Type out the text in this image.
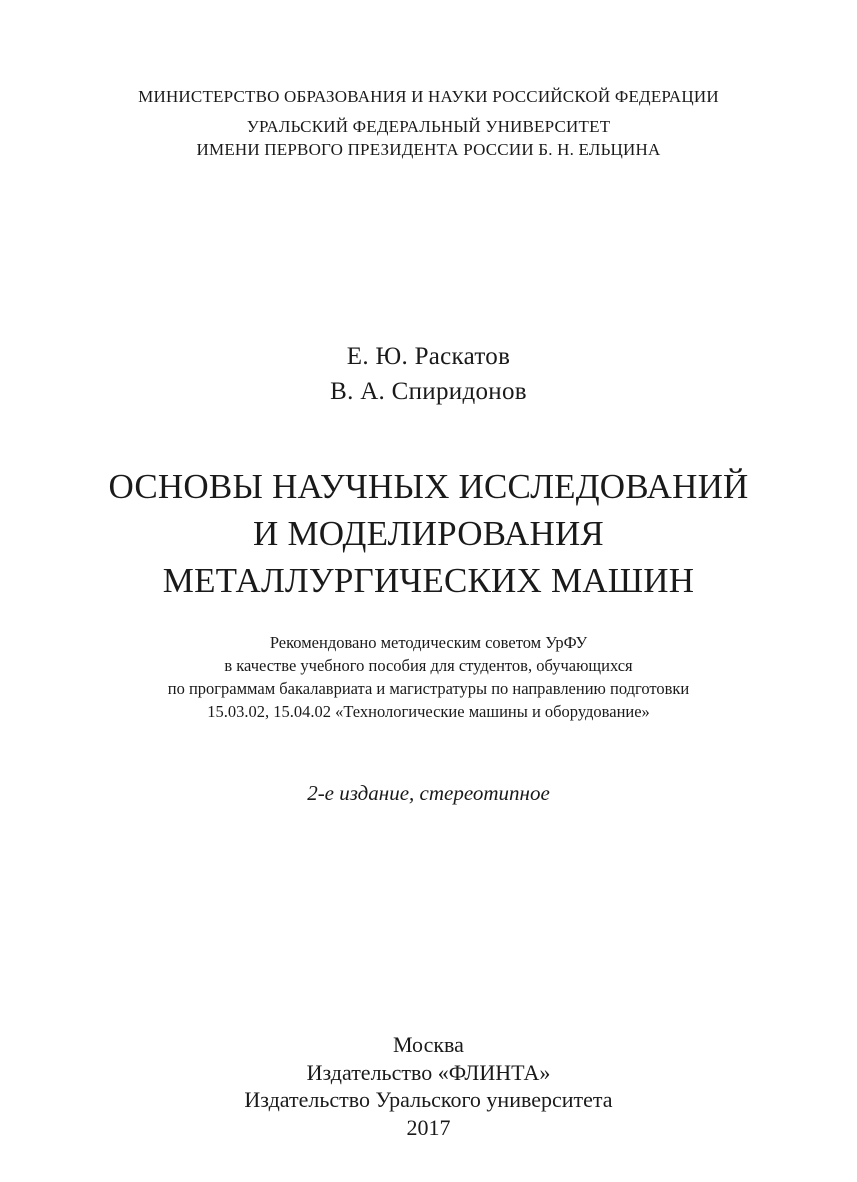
МИНИСТЕРСТВО ОБРАЗОВАНИЯ И НАУКИ РОССИЙСКОЙ ФЕДЕРАЦИИ
УРАЛЬСКИЙ ФЕДЕРАЛЬНЫЙ УНИВЕРСИТЕТ
ИМЕНИ ПЕРВОГО ПРЕЗИДЕНТА РОССИИ Б. Н. ЕЛЬЦИНА
Е. Ю. Раскатов
В. А. Спиридонов
ОСНОВЫ НАУЧНЫХ ИССЛЕДОВАНИЙ
И МОДЕЛИРОВАНИЯ
МЕТАЛЛУРГИЧЕСКИХ МАШИН
Рекомендовано методическим советом УрФУ
в качестве учебного пособия для студентов, обучающихся
по программам бакалавриата и магистратуры по направлению подготовки
15.03.02, 15.04.02 «Технологические машины и оборудование»
2-е издание, стереотипное
Москва
Издательство «ФЛИНТА»
Издательство Уральского университета
2017
